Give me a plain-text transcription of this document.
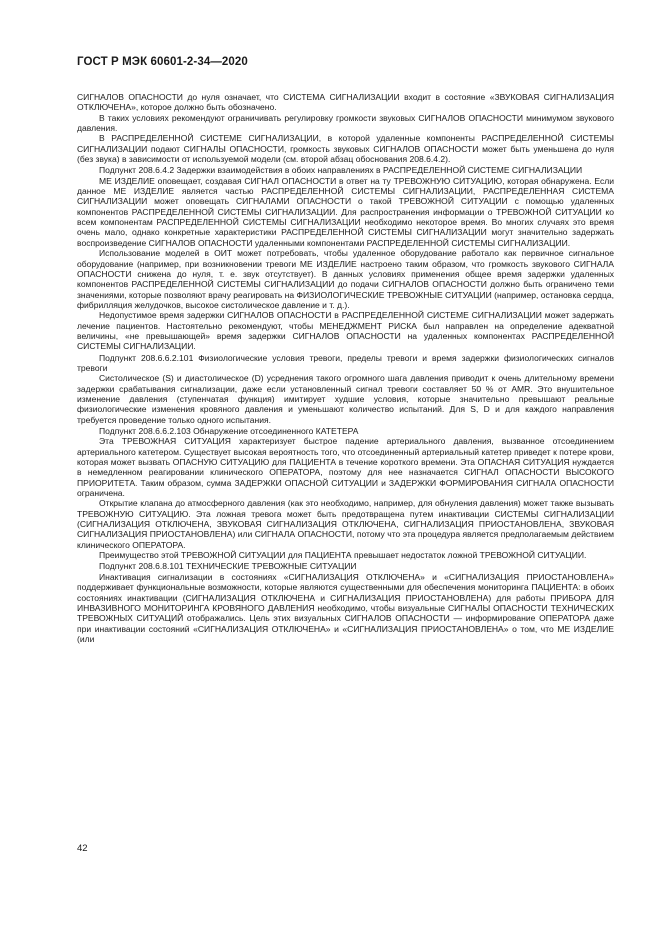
ГОСТ Р МЭК 60601-2-34—2020

СИГНАЛОВ ОПАСНОСТИ до нуля означает, что СИСТЕМА СИГНАЛИЗАЦИИ входит в состояние «ЗВУКОВАЯ СИГНАЛИЗАЦИЯ ОТКЛЮЧЕНА», которое должно быть обозначено.

В таких условиях рекомендуют ограничивать регулировку громкости звуковых СИГНАЛОВ ОПАСНОСТИ минимумом звукового давления.

В РАСПРЕДЕЛЕННОЙ СИСТЕМЕ СИГНАЛИЗАЦИИ, в которой удаленные компоненты РАСПРЕДЕЛЕННОЙ СИСТЕМЫ СИГНАЛИЗАЦИИ подают СИГНАЛЫ ОПАСНОСТИ, громкость звуковых СИГНАЛОВ ОПАСНОСТИ может быть уменьшена до нуля (без звука) в зависимости от используемой модели (см. второй абзац обоснования 208.6.4.2).

Подпункт 208.6.4.2 Задержки взаимодействия в обоих направлениях в РАСПРЕДЕЛЕННОЙ СИСТЕМЕ СИГНАЛИЗАЦИИ

МЕ ИЗДЕЛИЕ оповещает, создавая СИГНАЛ ОПАСНОСТИ в ответ на ту ТРЕВОЖНУЮ СИТУАЦИЮ, которая обнаружена. Если данное МЕ ИЗДЕЛИЕ является частью РАСПРЕДЕЛЕННОЙ СИСТЕМЫ СИГНАЛИЗАЦИИ, РАСПРЕДЕЛЕННАЯ СИСТЕМА СИГНАЛИЗАЦИИ может оповещать СИГНАЛАМИ ОПАСНОСТИ о такой ТРЕВОЖНОЙ СИТУАЦИИ с помощью удаленных компонентов РАСПРЕДЕЛЕННОЙ СИСТЕМЫ СИГНАЛИЗАЦИИ. Для распространения информации о ТРЕВОЖНОЙ СИТУАЦИИ ко всем компонентам РАСПРЕДЕЛЕННОЙ СИСТЕМЫ СИГНАЛИЗАЦИИ необходимо некоторое время. Во многих случаях это время очень мало, однако конкретные характеристики РАСПРЕДЕЛЕННОЙ СИСТЕМЫ СИГНАЛИЗАЦИИ могут значительно задержать воспроизведение СИГНАЛОВ ОПАСНОСТИ удаленными компонентами РАСПРЕДЕЛЕННОЙ СИСТЕМЫ СИГНАЛИЗАЦИИ.

Использование моделей в ОИТ может потребовать, чтобы удаленное оборудование работало как первичное сигнальное оборудование (например, при возникновении тревоги МЕ ИЗДЕЛИЕ настроено таким образом, что громкость звукового СИГНАЛА ОПАСНОСТИ снижена до нуля, т. е. звук отсутствует). В данных условиях применения общее время задержки удаленных компонентов РАСПРЕДЕЛЕННОЙ СИСТЕМЫ СИГНАЛИЗАЦИИ до подачи СИГНАЛОВ ОПАСНОСТИ должно быть ограничено теми значениями, которые позволяют врачу реагировать на ФИЗИОЛОГИЧЕСКИЕ ТРЕВОЖНЫЕ СИТУАЦИИ (например, остановка сердца, фибрилляция желудочков, высокое систолическое давление и т. д.).

Недопустимое время задержки СИГНАЛОВ ОПАСНОСТИ в РАСПРЕДЕЛЕННОЙ СИСТЕМЕ СИГНАЛИЗАЦИИ может задержать лечение пациентов. Настоятельно рекомендуют, чтобы МЕНЕДЖМЕНТ РИСКА был направлен на определение адекватной величины, «не превышающей» время задержки СИГНАЛОВ ОПАСНОСТИ на удаленных компонентах РАСПРЕДЕЛЕННОЙ СИСТЕМЫ СИГНАЛИЗАЦИИ.

Подпункт 208.6.6.2.101 Физиологические условия тревоги, пределы тревоги и время задержки физиологических сигналов тревоги

Систолическое (S) и диастолическое (D) усреднения такого огромного шага давления приводит к очень длительному времени задержки срабатывания сигнализации, даже если установленный сигнал тревоги составляет 50 % от AMR. Это внушительное изменение давления (ступенчатая функция) имитирует худшие условия, которые значительно превышают реальные физиологические изменения кровяного давления и уменьшают количество испытаний. Для S, D и для каждого направления требуется проведение только одного испытания.

Подпункт 208.6.6.2.103 Обнаружение отсоединенного КАТЕТЕРА

Эта ТРЕВОЖНАЯ СИТУАЦИЯ характеризует быстрое падение артериального давления, вызванное отсоединением артериального катетером. Существует высокая вероятность того, что отсоединенный артериальный катетер приведет к потере крови, которая может вызвать ОПАСНУЮ СИТУАЦИЮ для ПАЦИЕНТА в течение короткого времени. Эта ОПАСНАЯ СИТУАЦИЯ нуждается в немедленном реагировании клинического ОПЕРАТОРА, поэтому для нее назначается СИГНАЛ ОПАСНОСТИ ВЫСОКОГО ПРИОРИТЕТА. Таким образом, сумма ЗАДЕРЖКИ ОПАСНОЙ СИТУАЦИИ и ЗАДЕРЖКИ ФОРМИРОВАНИЯ СИГНАЛА ОПАСНОСТИ ограничена.

Открытие клапана до атмосферного давления (как это необходимо, например, для обнуления давления) может также вызывать ТРЕВОЖНУЮ СИТУАЦИЮ. Эта ложная тревога может быть предотвращена путем инактивации СИСТЕМЫ СИГНАЛИЗАЦИИ (СИГНАЛИЗАЦИЯ ОТКЛЮЧЕНА, ЗВУКОВАЯ СИГНАЛИЗАЦИЯ ОТКЛЮЧЕНА, СИГНАЛИЗАЦИЯ ПРИОСТАНОВЛЕНА, ЗВУКОВАЯ СИГНАЛИЗАЦИЯ ПРИОСТАНОВЛЕНА) или СИГНАЛА ОПАСНОСТИ, потому что эта процедура является предполагаемым действием клинического ОПЕРАТОРА.

Преимущество этой ТРЕВОЖНОЙ СИТУАЦИИ для ПАЦИЕНТА превышает недостаток ложной ТРЕВОЖНОЙ СИТУАЦИИ.

Подпункт 208.6.8.101 ТЕХНИЧЕСКИЕ ТРЕВОЖНЫЕ СИТУАЦИИ

Инактивация сигнализации в состояниях «СИГНАЛИЗАЦИЯ ОТКЛЮЧЕНА» и «СИГНАЛИЗАЦИЯ ПРИОСТАНОВЛЕНА» поддерживает функциональные возможности, которые являются существенными для обеспечения мониторинга ПАЦИЕНТА: в обоих состояниях инактивации (СИГНАЛИЗАЦИЯ ОТКЛЮЧЕНА и СИГНАЛИЗАЦИЯ ПРИОСТАНОВЛЕНА) для работы ПРИБОРА ДЛЯ ИНВАЗИВНОГО МОНИТОРИНГА КРОВЯНОГО ДАВЛЕНИЯ необходимо, чтобы визуальные СИГНАЛЫ ОПАСНОСТИ ТЕХНИЧЕСКИХ ТРЕВОЖНЫХ СИТУАЦИЙ отображались. Цель этих визуальных СИГНАЛОВ ОПАСНОСТИ — информирование ОПЕРАТОРА даже при инактивации состояний «СИГНАЛИЗАЦИЯ ОТКЛЮЧЕНА» и «СИГНАЛИЗАЦИЯ ПРИОСТАНОВЛЕНА» о том, что МЕ ИЗДЕЛИЕ (или

42
